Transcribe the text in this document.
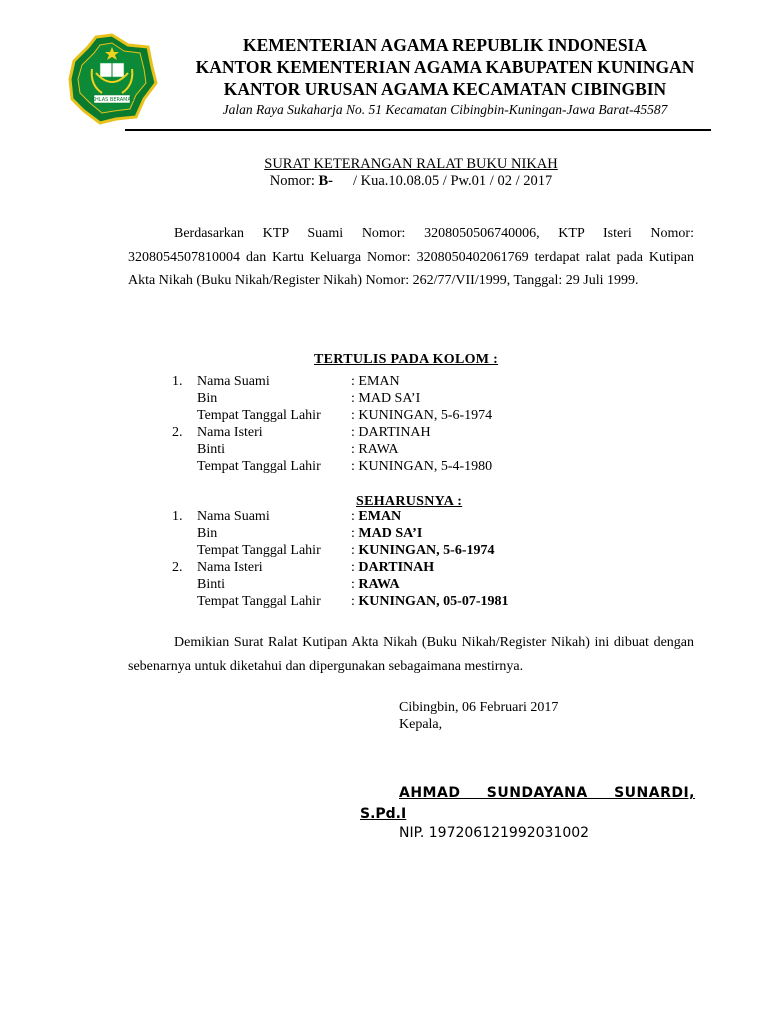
IKHLAS BERAMAL
KEMENTERIAN AGAMA REPUBLIK INDONESIA
KANTOR KEMENTERIAN AGAMA KABUPATEN KUNINGAN
KANTOR URUSAN AGAMA KECAMATAN CIBINGBIN
Jalan Raya Sukaharja No. 51 Kecamatan Cibingbin-Kuningan-Jawa Barat-45587
SURAT KETERANGAN RALAT BUKU NIKAH
Nomor: B- / Kua.10.08.05 / Pw.01 / 02 / 2017
Berdasarkan KTP Suami Nomor: 3208050506740006, KTP Isteri Nomor: 3208054507810004 dan Kartu Keluarga Nomor: 3208050402061769 terdapat ralat pada Kutipan Akta Nikah (Buku Nikah/Register Nikah) Nomor: 262/77/VII/1999, Tanggal: 29 Juli 1999.
TERTULIS PADA KOLOM :
1.	Nama Suami	: EMAN
Bin	: MAD SA’I
Tempat Tanggal Lahir : KUNINGAN, 5-6-1974
2.	Nama Isteri	: DARTINAH
Binti	: RAWA
Tempat Tanggal Lahir : KUNINGAN, 5-4-1980
SEHARUSNYA :
1.	Nama Suami	: EMAN
Bin	: MAD SA’I
Tempat Tanggal Lahir : KUNINGAN, 5-6-1974
2.	Nama Isteri	: DARTINAH
Binti	: RAWA
Tempat Tanggal Lahir : KUNINGAN, 05-07-1981
Demikian Surat Ralat Kutipan Akta Nikah (Buku Nikah/Register Nikah) ini dibuat dengan sebenarnya untuk diketahui dan dipergunakan sebagaimana mestirnya.
Cibingbin, 06 Februari 2017
Kepala,
AHMAD SUNDAYANA SUNARDI,
S.Pd.I
NIP. 197206121992031002
